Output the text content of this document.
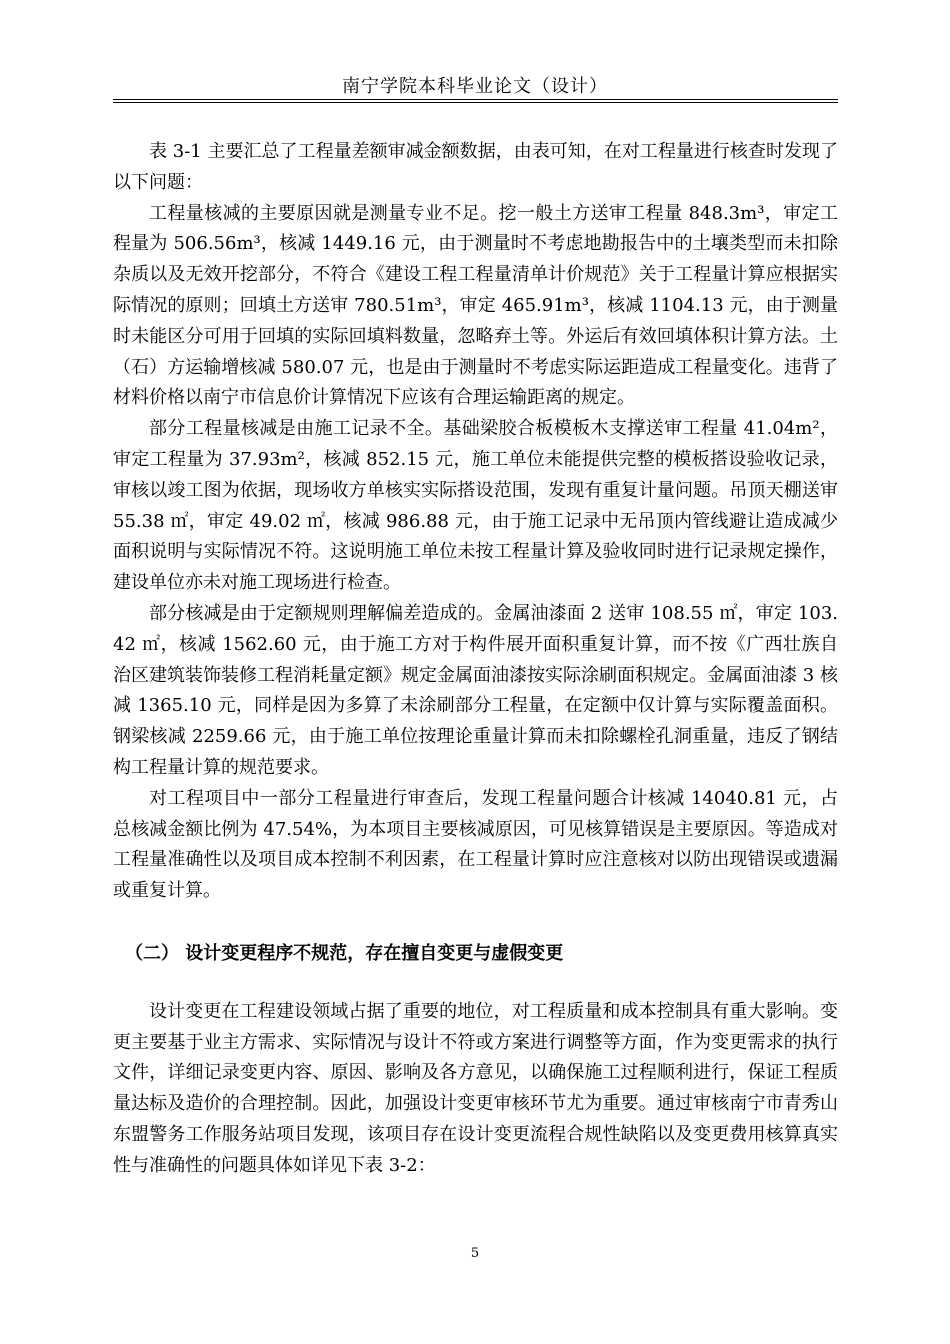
南宁学院本科毕业论文（设计）

表 3-1 主要汇总了工程量差额审减金额数据，由表可知，在对工程量进行核查时发现了以下问题：

工程量核减的主要原因就是测量专业不足。挖一般土方送审工程量 848.3m³，审定工程量为 506.56m³，核减 1449.16 元，由于测量时不考虑地勘报告中的土壤类型而未扣除杂质以及无效开挖部分，不符合《建设工程工程量清单计价规范》关于工程量计算应根据实际情况的原则；回填土方送审 780.51m³，审定 465.91m³，核减 1104.13 元，由于测量时未能区分可用于回填的实际回填料数量，忽略弃土等。外运后有效回填体积计算方法。土（石）方运输增核减 580.07 元，也是由于测量时不考虑实际运距造成工程量变化。违背了材料价格以南宁市信息价计算情况下应该有合理运输距离的规定。

部分工程量核减是由施工记录不全。基础梁胶合板模板木支撑送审工程量 41.04m²，审定工程量为 37.93m²，核减 852.15 元，施工单位未能提供完整的模板搭设验收记录，审核以竣工图为依据，现场收方单核实实际搭设范围，发现有重复计量问题。吊顶天棚送审 55.38 ㎡，审定 49.02 ㎡，核减 986.88 元，由于施工记录中无吊顶内管线避让造成减少面积说明与实际情况不符。这说明施工单位未按工程量计算及验收同时进行记录规定操作，建设单位亦未对施工现场进行检查。

部分核减是由于定额规则理解偏差造成的。金属油漆面 2 送审 108.55 ㎡，审定 103.42 ㎡，核减 1562.60 元，由于施工方对于构件展开面积重复计算，而不按《广西壮族自治区建筑装饰装修工程消耗量定额》规定金属面油漆按实际涂刷面积规定。金属面油漆 3 核减 1365.10 元，同样是因为多算了未涂刷部分工程量，在定额中仅计算与实际覆盖面积。钢梁核减 2259.66 元，由于施工单位按理论重量计算而未扣除螺栓孔洞重量，违反了钢结构工程量计算的规范要求。

对工程项目中一部分工程量进行审查后，发现工程量问题合计核减 14040.81 元，占总核减金额比例为 47.54%，为本项目主要核减原因，可见核算错误是主要原因。等造成对工程量准确性以及项目成本控制不利因素，在工程量计算时应注意核对以防出现错误或遗漏或重复计算。

（二） 设计变更程序不规范，存在擅自变更与虚假变更

设计变更在工程建设领域占据了重要的地位，对工程质量和成本控制具有重大影响。变更主要基于业主方需求、实际情况与设计不符或方案进行调整等方面，作为变更需求的执行文件，详细记录变更内容、原因、影响及各方意见，以确保施工过程顺利进行，保证工程质量达标及造价的合理控制。因此，加强设计变更审核环节尤为重要。通过审核南宁市青秀山东盟警务工作服务站项目发现，该项目存在设计变更流程合规性缺陷以及变更费用核算真实性与准确性的问题具体如详见下表 3-2：

5
